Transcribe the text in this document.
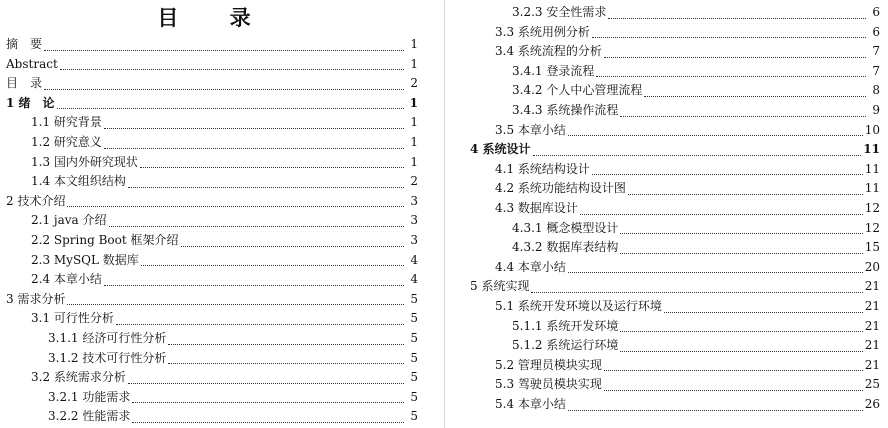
目 录
摘　要	1
Abstract	1
目　录	2
1 绪　论	1
1.1 研究背景	1
1.2 研究意义	1
1.3 国内外研究现状	1
1.4 本文组织结构	2
2 技术介绍	3
2.1 java 介绍	3
2.2 Spring Boot 框架介绍	3
2.3 MySQL 数据库	4
2.4 本章小结	4
3 需求分析	5
3.1 可行性分析	5
3.1.1 经济可行性分析	5
3.1.2 技术可行性分析	5
3.2 系统需求分析	5
3.2.1 功能需求	5
3.2.2 性能需求	5
3.2.3 安全性需求	6
3.3 系统用例分析	6
3.4 系统流程的分析	7
3.4.1 登录流程	7
3.4.2 个人中心管理流程	8
3.4.3 系统操作流程	9
3.5 本章小结	10
4 系统设计	11
4.1 系统结构设计	11
4.2 系统功能结构设计图	11
4.3 数据库设计	12
4.3.1 概念模型设计	12
4.3.2 数据库表结构	15
4.4 本章小结	20
5 系统实现	21
5.1 系统开发环境以及运行环境	21
5.1.1 系统开发环境	21
5.1.2 系统运行环境	21
5.2 管理员模块实现	21
5.3 驾驶员模块实现	25
5.4 本章小结	26
